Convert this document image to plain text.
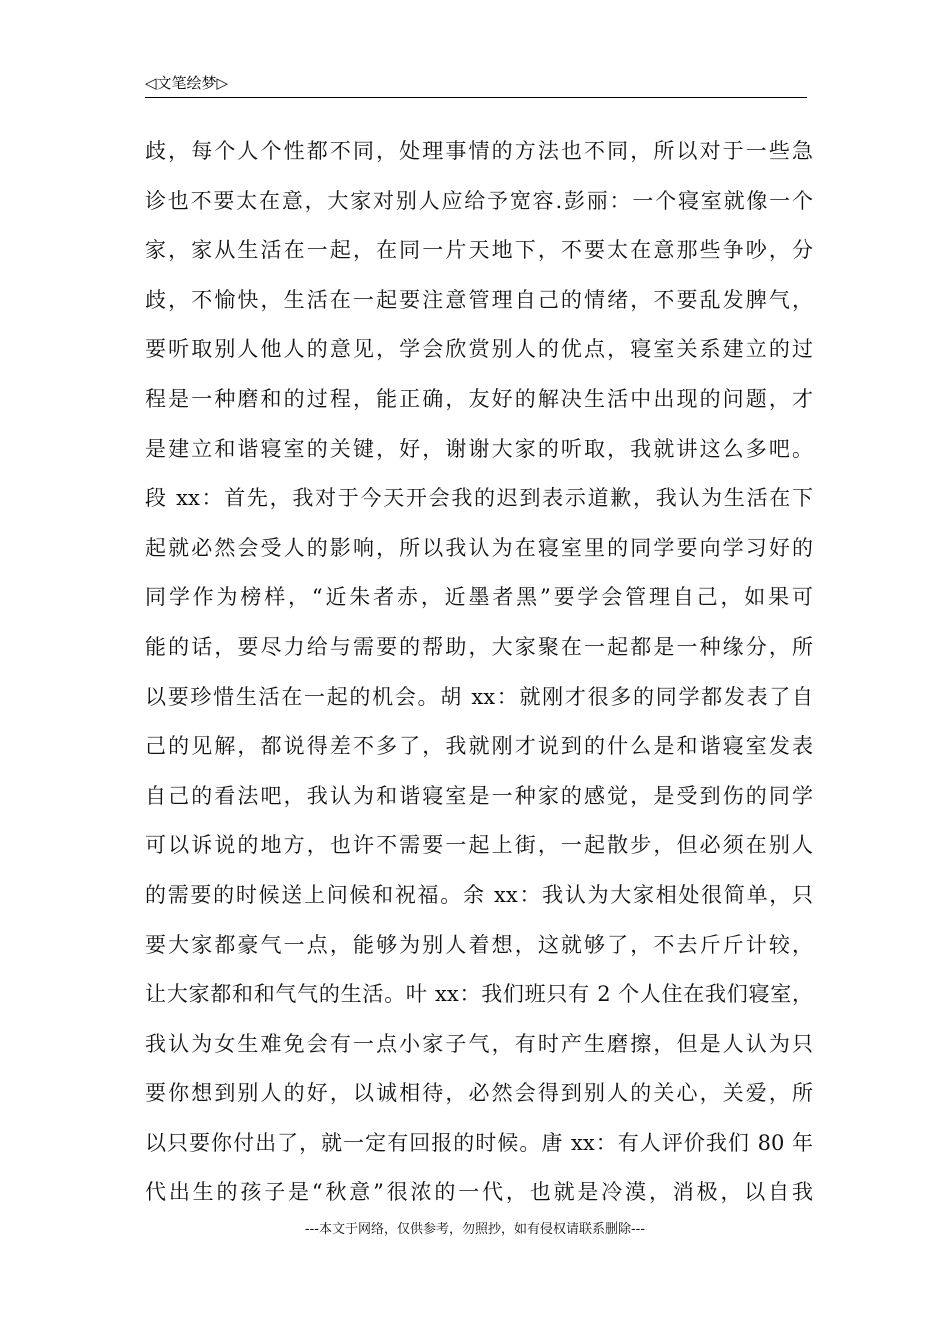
◁文笔绘梦▷
歧，每个人个性都不同，处理事情的方法也不同，所以对于一些急
诊也不要太在意，大家对别人应给予宽容.彭丽：一个寝室就像一个
家，家从生活在一起，在同一片天地下，不要太在意那些争吵，分
歧，不愉快，生活在一起要注意管理自己的情绪，不要乱发脾气，
要听取别人他人的意见，学会欣赏别人的优点，寝室关系建立的过
程是一种磨和的过程，能正确，友好的解决生活中出现的问题，才
是建立和谐寝室的关键，好，谢谢大家的听取，我就讲这么多吧。
段 xx：首先，我对于今天开会我的迟到表示道歉，我认为生活在下
起就必然会受人的影响，所以我认为在寝室里的同学要向学习好的
同学作为榜样，“近朱者赤，近墨者黑”要学会管理自己，如果可
能的话，要尽力给与需要的帮助，大家聚在一起都是一种缘分，所
以要珍惜生活在一起的机会。胡 xx：就刚才很多的同学都发表了自
己的见解，都说得差不多了，我就刚才说到的什么是和谐寝室发表
自己的看法吧，我认为和谐寝室是一种家的感觉，是受到伤的同学
可以诉说的地方，也许不需要一起上街，一起散步，但必须在别人
的需要的时候送上问候和祝福。余 xx：我认为大家相处很简单，只
要大家都豪气一点，能够为别人着想，这就够了，不去斤斤计较，
让大家都和和气气的生活。叶 xx：我们班只有 2 个人住在我们寝室，
我认为女生难免会有一点小家子气，有时产生磨擦，但是人认为只
要你想到别人的好，以诚相待，必然会得到别人的关心，关爱，所
以只要你付出了，就一定有回报的时候。唐 xx：有人评价我们 80 年
代出生的孩子是“秋意”很浓的一代，也就是冷漠，消极，以自我
---本文于网络，仅供参考，勿照抄，如有侵权请联系删除---
